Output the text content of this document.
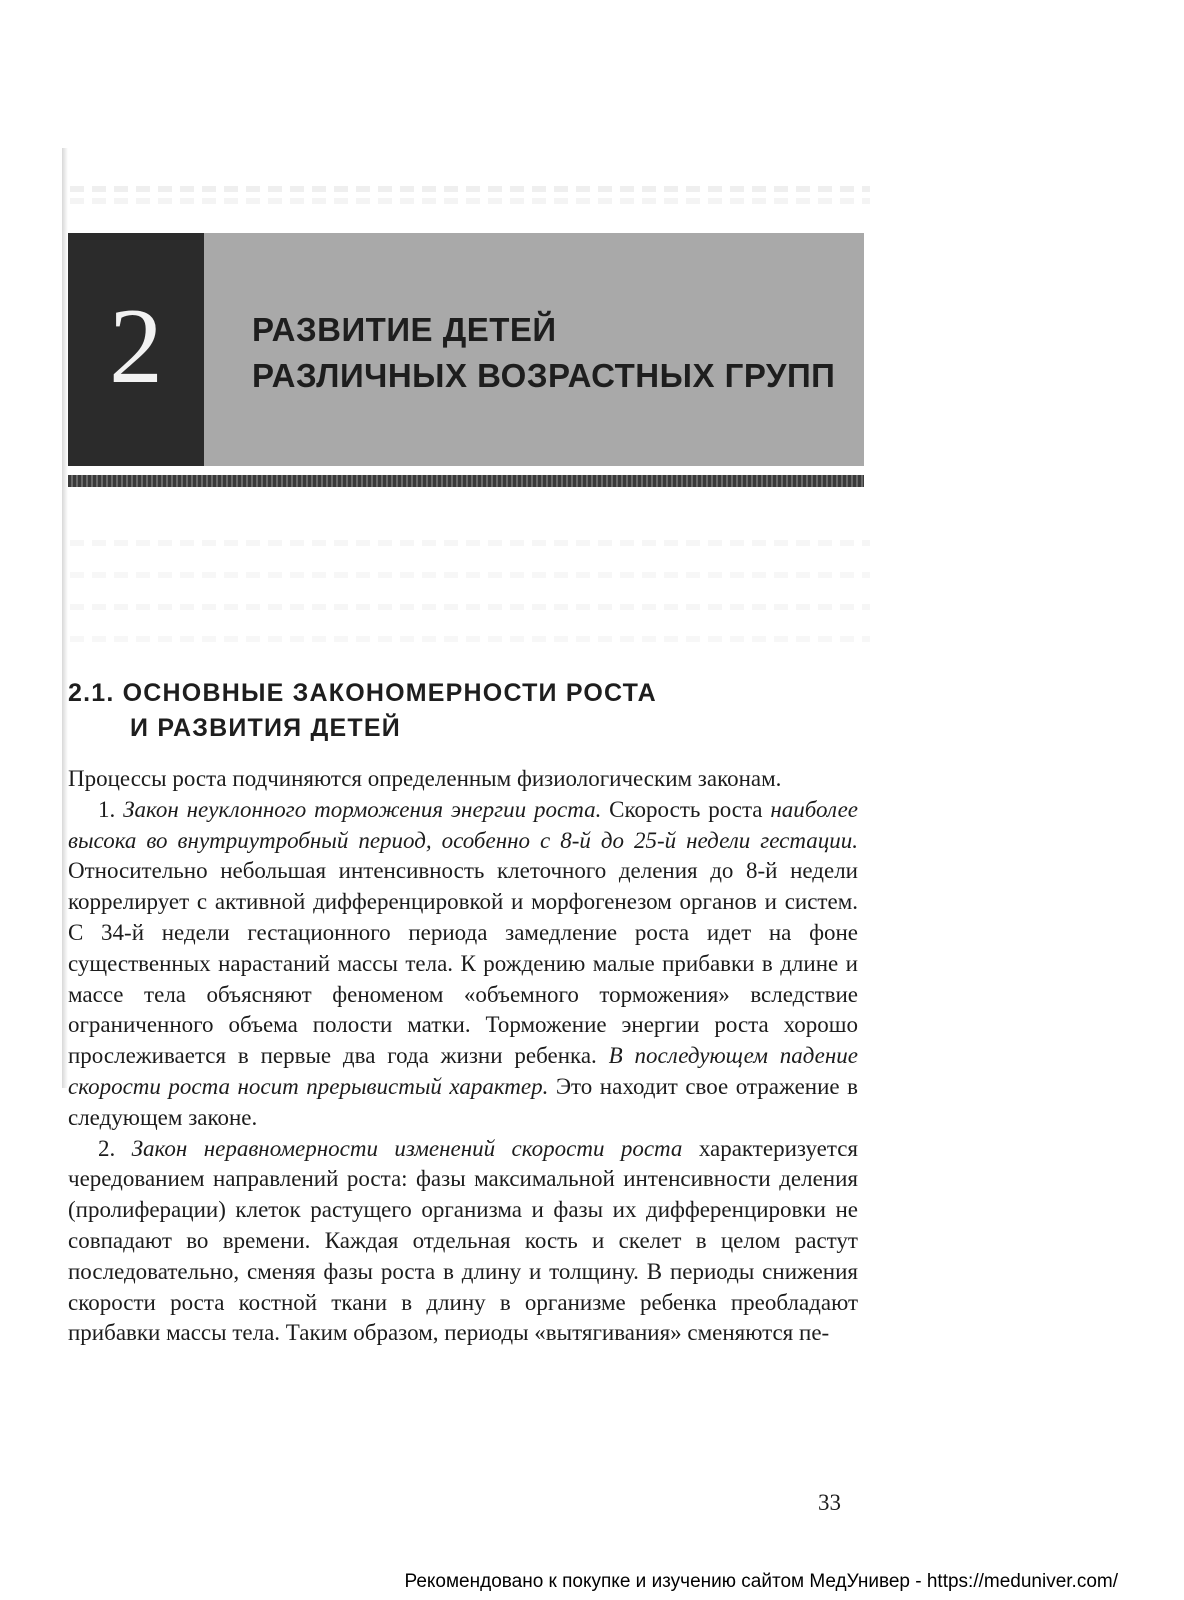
2	РАЗВИТИЕ ДЕТЕЙ
РАЗЛИЧНЫХ ВОЗРАСТНЫХ ГРУПП
2.1. ОСНОВНЫЕ ЗАКОНОМЕРНОСТИ РОСТА
И РАЗВИТИЯ ДЕТЕЙ

Процессы роста подчиняются определенным физиологическим законам.

1. Закон неуклонного торможения энергии роста. Скорость роста наиболее высока во внутриутробный период, особенно с 8-й до 25-й недели гестации. Относительно небольшая интенсивность клеточного деления до 8-й недели коррелирует с активной дифференцировкой и морфогенезом органов и систем. С 34-й недели гестационного периода замедление роста идет на фоне существенных нарастаний массы тела. К рождению малые прибавки в длине и массе тела объясняют феноменом «объемного торможения» вследствие ограниченного объема полости матки. Торможение энергии роста хорошо прослеживается в первые два года жизни ребенка. В последующем падение скорости роста носит прерывистый характер. Это находит свое отражение в следующем законе.

2. Закон неравномерности изменений скорости роста характеризуется чередованием направлений роста: фазы максимальной интенсивности деления (пролиферации) клеток растущего организма и фазы их дифференцировки не совпадают во времени. Каждая отдельная кость и скелет в целом растут последовательно, сменяя фазы роста в длину и толщину. В периоды снижения скорости роста костной ткани в длину в организме ребенка преобладают прибавки массы тела. Таким образом, периоды «вытягивания» сменяются пе-

33
Рекомендовано к покупке и изучению сайтом МедУнивер - https://meduniver.com/
